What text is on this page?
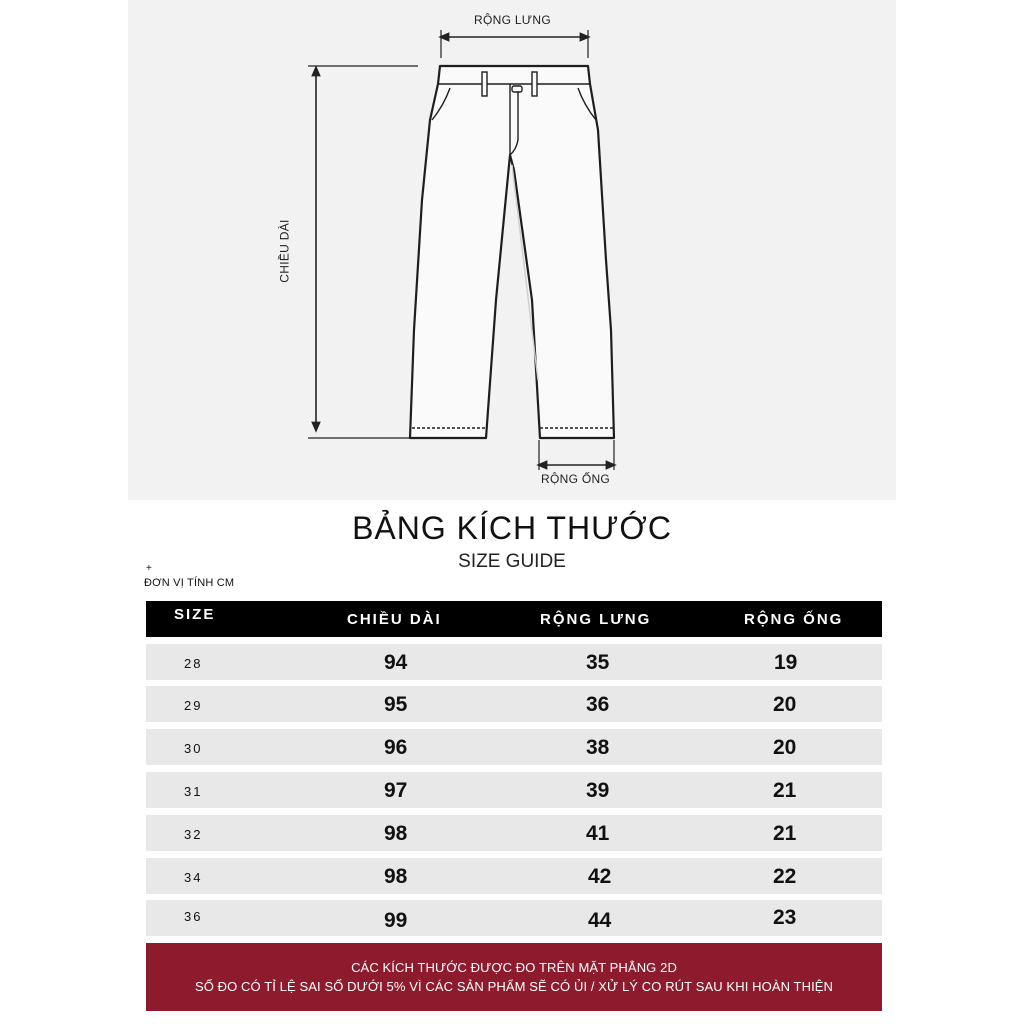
RỘNG LƯNG
CHIỀU DÀI
RỘNG ỐNG
BẢNG KÍCH THƯỚC
SIZE GUIDE
+
ĐƠN VỊ TÍNH CM
SIZE	CHIỀU DÀI	RỘNG LƯNG	RỘNG ỐNG
28	94	35	19
29	95	36	20
30	96	38	20
31	97	39	21
32	98	41	21
34	98	42	22
36	99	44	23
CÁC KÍCH THƯỚC ĐƯỢC ĐO TRÊN MẶT PHẲNG 2D
SỐ ĐO CÓ TỈ LỆ SAI SỐ DƯỚI 5% VÌ CÁC SẢN PHẨM SẼ CÓ ỦI / XỬ LÝ CO RÚT SAU KHI HOÀN THIỆN
